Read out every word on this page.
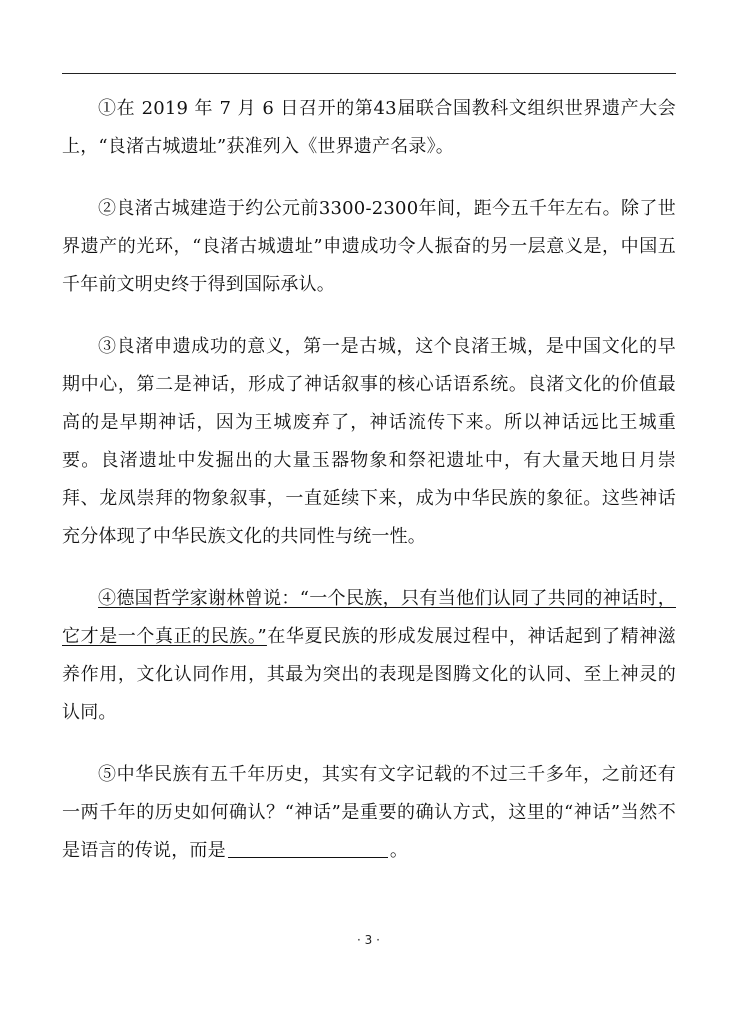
①在 2019 年 7 月 6 日召开的第43届联合国教科文组织世界遗产大会上，“良渚古城遗址”获准列入《世界遗产名录》。

②良渚古城建造于约公元前3300-2300年间，距今五千年左右。除了世界遗产的光环，“良渚古城遗址”申遗成功令人振奋的另一层意义是，中国五千年前文明史终于得到国际承认。

③良渚申遗成功的意义，第一是古城，这个良渚王城，是中国文化的早期中心，第二是神话，形成了神话叙事的核心话语系统。良渚文化的价值最高的是早期神话，因为王城废弃了，神话流传下来。所以神话远比王城重要。良渚遗址中发掘出的大量玉器物象和祭祀遗址中，有大量天地日月崇拜、龙凤崇拜的物象叙事，一直延续下来，成为中华民族的象征。这些神话充分体现了中华民族文化的共同性与统一性。

④德国哲学家谢林曾说：“一个民族，只有当他们认同了共同的神话时，它才是一个真正的民族。”在华夏民族的形成发展过程中，神话起到了精神滋养作用，文化认同作用，其最为突出的表现是图腾文化的认同、至上神灵的认同。

⑤中华民族有五千年历史，其实有文字记载的不过三千多年，之前还有一两千年的历史如何确认？“神话”是重要的确认方式，这里的“神话”当然不是语言的传说，而是	。

· 3 ·
